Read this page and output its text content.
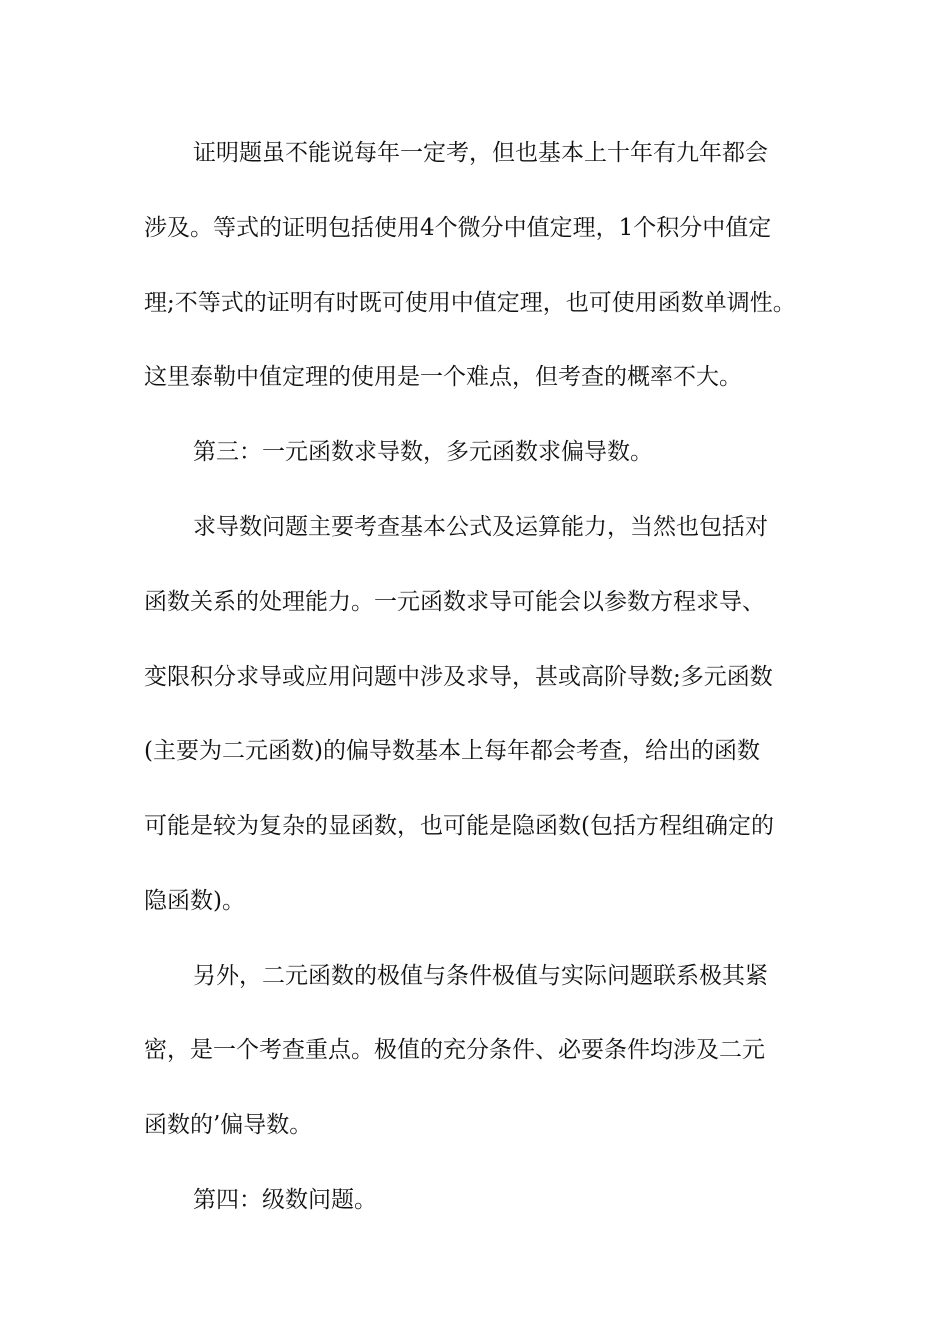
证明题虽不能说每年一定考，但也基本上十年有九年都会
涉及。等式的证明包括使用4个微分中值定理，1个积分中值定
理;不等式的证明有时既可使用中值定理，也可使用函数单调性。
这里泰勒中值定理的使用是一个难点，但考查的概率不大。
第三：一元函数求导数，多元函数求偏导数。
求导数问题主要考查基本公式及运算能力，当然也包括对
函数关系的处理能力。一元函数求导可能会以参数方程求导、
变限积分求导或应用问题中涉及求导，甚或高阶导数;多元函数
(主要为二元函数)的偏导数基本上每年都会考查，给出的函数
可能是较为复杂的显函数，也可能是隐函数(包括方程组确定的
隐函数)。
另外，二元函数的极值与条件极值与实际问题联系极其紧
密，是一个考查重点。极值的充分条件、必要条件均涉及二元
函数的’偏导数。
第四：级数问题。
